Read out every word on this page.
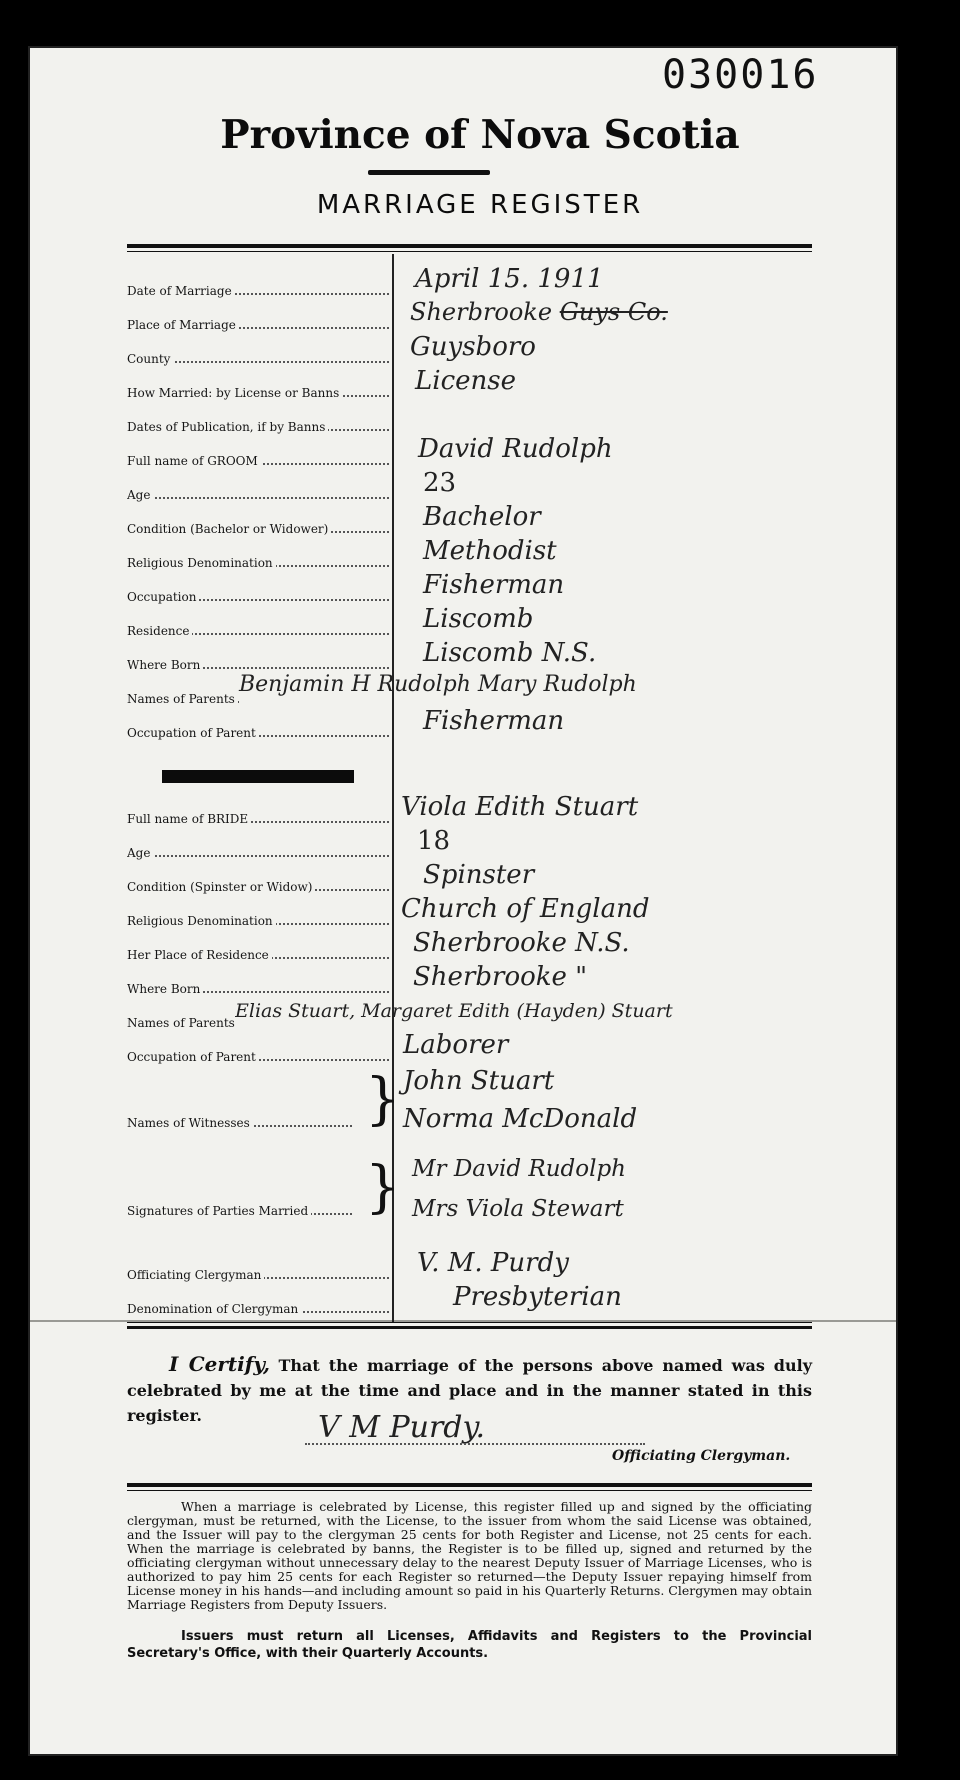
030016
Province of Nova Scotia
MARRIAGE REGISTER
Date of Marriage	April 15. 1911
Place of Marriage	Sherbrooke Guys Co.
County	Guysboro
How Married: by License or Banns	License
Dates of Publication, if by Banns
Full name of GROOM	David Rudolph
Age	23
Condition (Bachelor or Widower)	Bachelor
Religious Denomination	Methodist
Occupation	Fisherman
Residence	Liscomb
Where Born	Liscomb N.S.
Names of Parents
Benjamin H Rudolph Mary Rudolph
Occupation of Parent	Fisherman
Full name of BRIDE	Viola Edith Stuart
Age	18
Condition (Spinster or Widow)	Spinster
Religious Denomination	Church of England
Her Place of Residence	Sherbrooke N.S.
Where Born	Sherbrooke "
Names of Parents
Elias Stuart, Margaret Edith (Hayden) Stuart
Occupation of Parent	Laborer
Names of Witnesses	} John Stuart
Norma McDonald
Signatures of Parties Married	} Mr David Rudolph
Mrs Viola Stewart
Officiating Clergyman	V. M. Purdy
Denomination of Clergyman	Presbyterian
I Certify, That the marriage of the persons above named was duly celebrated by me at the time and place and in the manner stated in this register.	V M Purdy.
Officiating Clergyman.
When a marriage is celebrated by License, this register filled up and signed by the officiating clergyman, must be returned, with the License, to the issuer from whom the said License was obtained, and the Issuer will pay to the clergyman 25 cents for both Register and License, not 25 cents for each. When the marriage is celebrated by banns, the Register is to be filled up, signed and returned by the officiating clergyman without unnecessary delay to the nearest Deputy Issuer of Marriage Licenses, who is authorized to pay him 25 cents for each Register so returned—the Deputy Issuer repaying himself from License money in his hands—and including amount so paid in his Quarterly Returns. Clergymen may obtain Marriage Registers from Deputy Issuers.
Issuers must return all Licenses, Affidavits and Registers to the Provincial Secretary's Office, with their Quarterly Accounts.
